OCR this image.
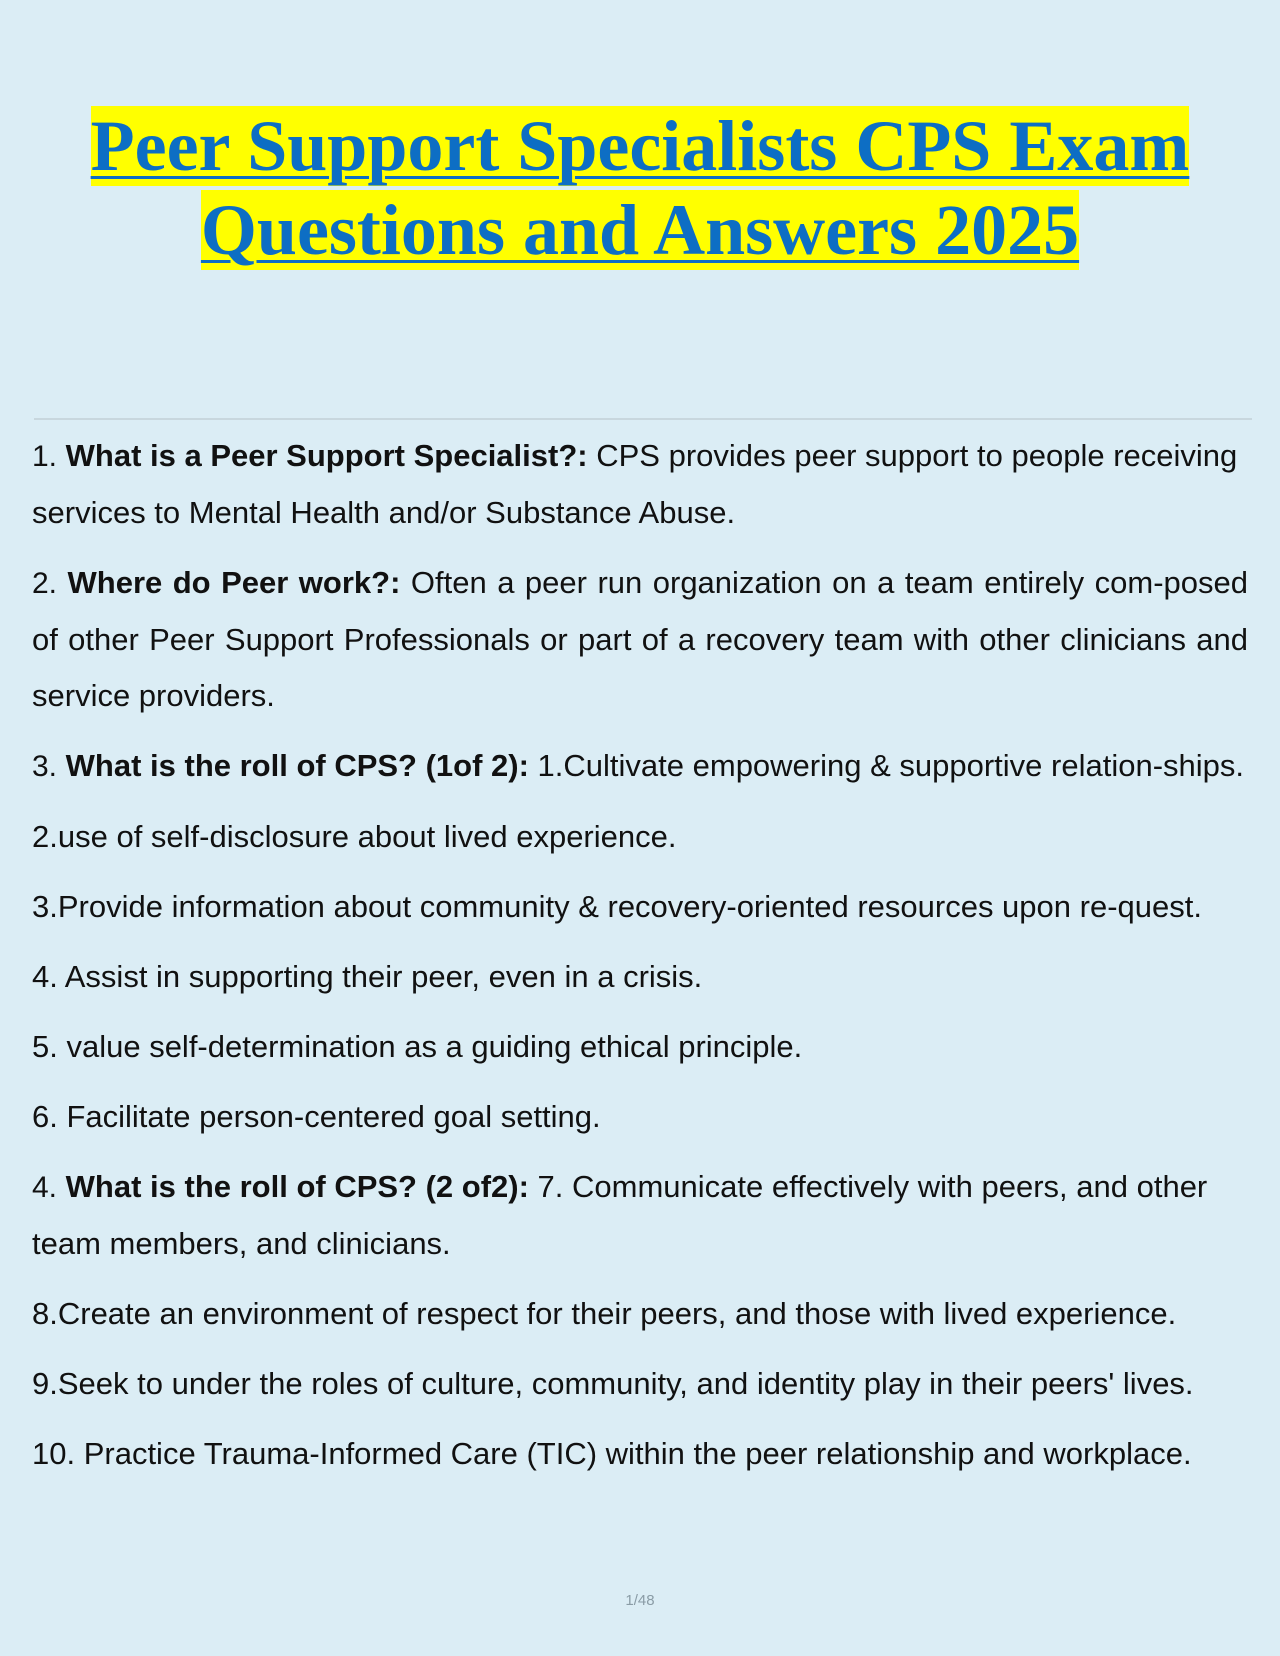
Peer Support Specialists CPS Exam
Questions and Answers 2025

1. What is a Peer Support Specialist?: CPS provides peer support to people receiving services to Mental Health and/or Substance Abuse.

2. Where do Peer work?: Often a peer run organization on a team entirely com-posed of other Peer Support Professionals or part of a recovery team with other clinicians and service providers.

3. What is the roll of CPS? (1of 2): 1.Cultivate empowering & supportive relation-ships.

2.use of self-disclosure about lived experience.

3.Provide information about community & recovery-oriented resources upon re-quest.

4. Assist in supporting their peer, even in a crisis.

5. value self-determination as a guiding ethical principle.

6. Facilitate person-centered goal setting.

4. What is the roll of CPS? (2 of2): 7. Communicate effectively with peers, and other team members, and clinicians.

8.Create an environment of respect for their peers, and those with lived experience.

9.Seek to under the roles of culture, community, and identity play in their peers' lives.

10. Practice Trauma-Informed Care (TIC) within the peer relationship and workplace.

1/48
